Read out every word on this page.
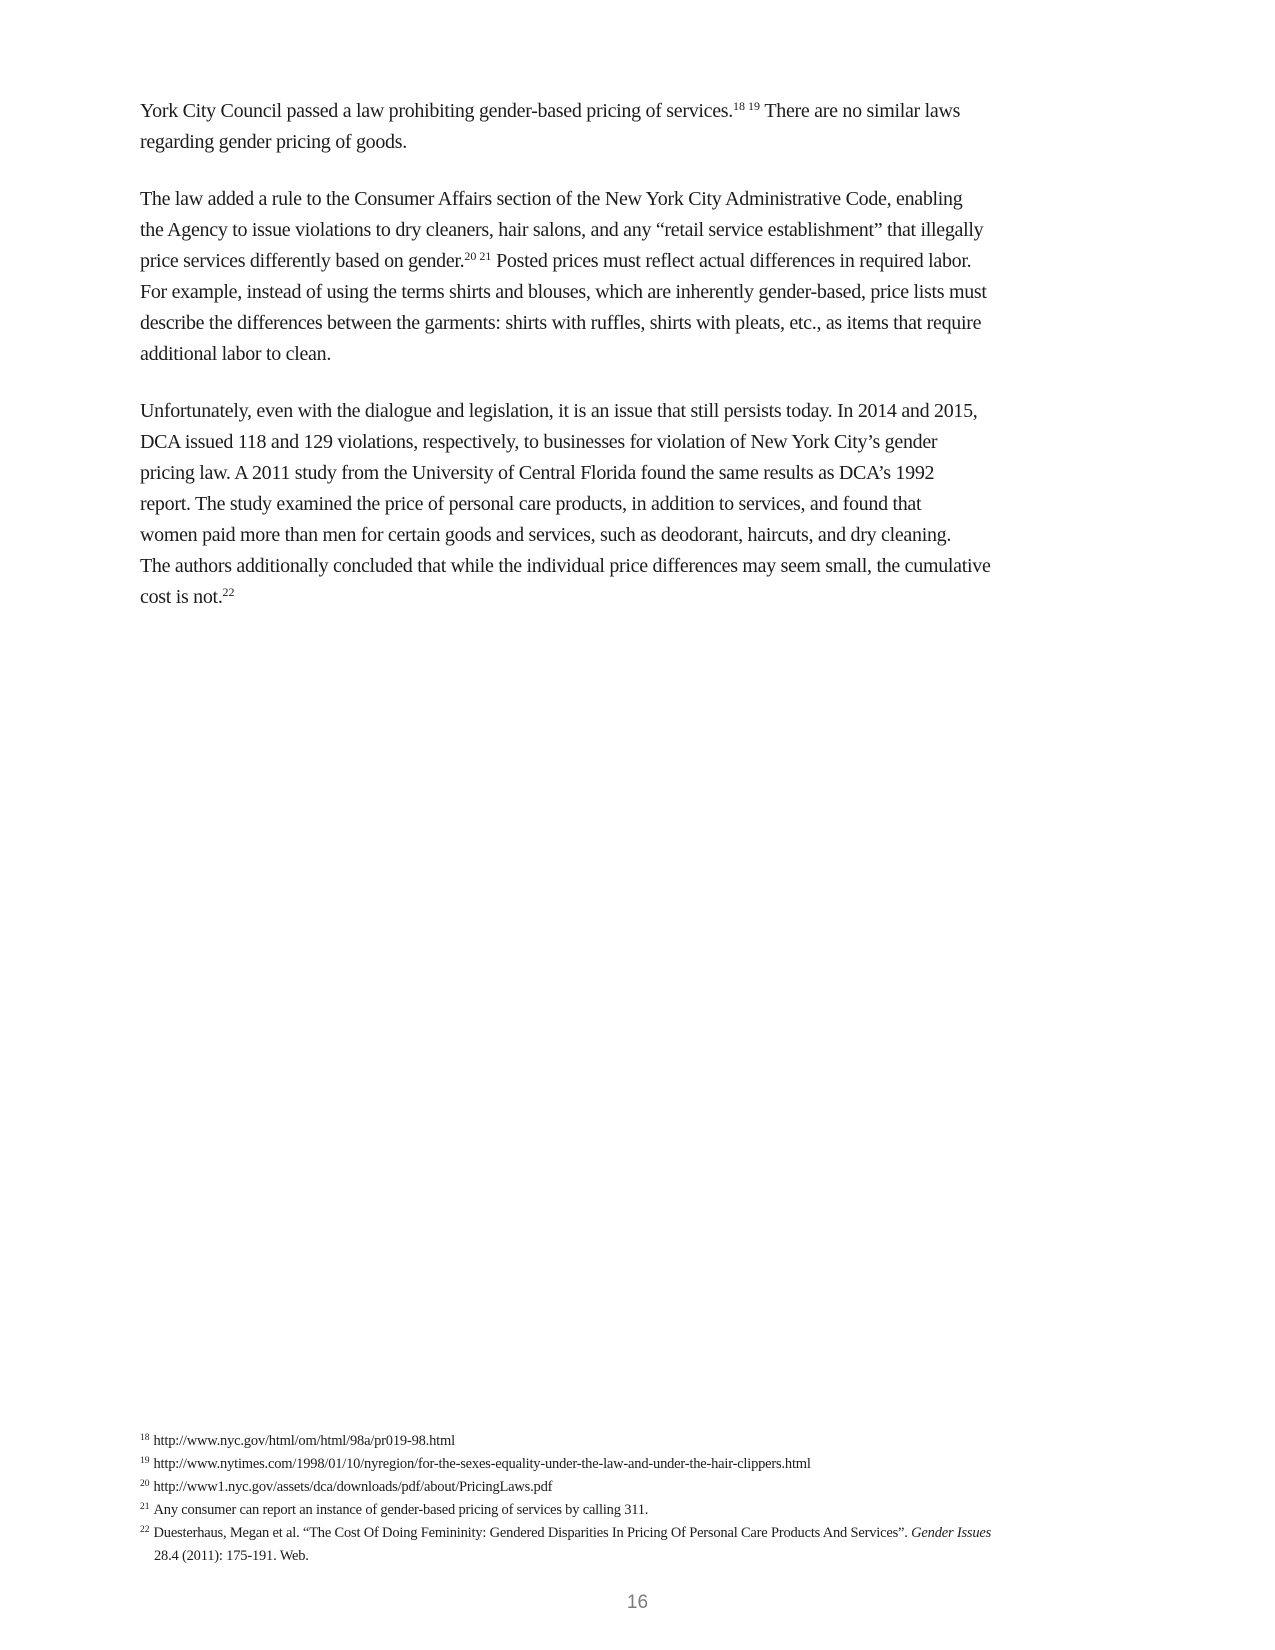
York City Council passed a law prohibiting gender-based pricing of services.$^{18 19}$ There are no similar laws
regarding gender pricing of goods.
The law added a rule to the Consumer Affairs section of the New York City Administrative Code, enabling
the Agency to issue violations to dry cleaners, hair salons, and any “retail service establishment” that illegally
price services differently based on gender.$^{20 21}$ Posted prices must reflect actual differences in required labor.
For example, instead of using the terms shirts and blouses, which are inherently gender-based, price lists must
describe the differences between the garments: shirts with ruffles, shirts with pleats, etc., as items that require
additional labor to clean.
Unfortunately, even with the dialogue and legislation, it is an issue that still persists today. In 2014 and 2015,
DCA issued 118 and 129 violations, respectively, to businesses for violation of New York City’s gender
pricing law. A 2011 study from the University of Central Florida found the same results as DCA’s 1992
report. The study examined the price of personal care products, in addition to services, and found that
women paid more than men for certain goods and services, such as deodorant, haircuts, and dry cleaning.
The authors additionally concluded that while the individual price differences may seem small, the cumulative
cost is not.$^{22}$
$^{18}$ http://www.nyc.gov/html/om/html/98a/pr019-98.html
$^{19}$ http://www.nytimes.com/1998/01/10/nyregion/for-the-sexes-equality-under-the-law-and-under-the-hair-clippers.html
$^{20}$ http://www1.nyc.gov/assets/dca/downloads/pdf/about/PricingLaws.pdf
$^{21}$ Any consumer can report an instance of gender-based pricing of services by calling 311.
$^{22}$ Duesterhaus, Megan et al. “The Cost Of Doing Femininity: Gendered Disparities In Pricing Of Personal Care Products And Services”. Gender Issues
28.4 (2011): 175-191. Web.
16
